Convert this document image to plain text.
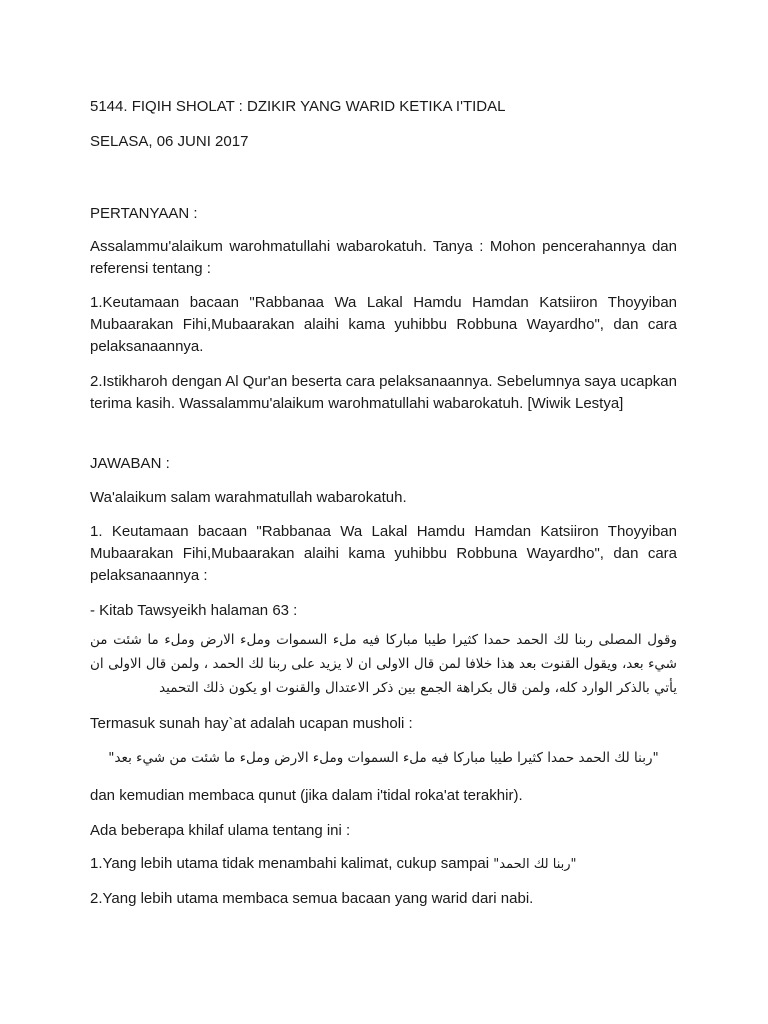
5144. FIQIH SHOLAT : DZIKIR YANG WARID KETIKA I'TIDAL

SELASA, 06 JUNI 2017

PERTANYAAN :

Assalammu'alaikum warohmatullahi wabarokatuh. Tanya : Mohon pencerahannya dan referensi tentang :

1.Keutamaan bacaan "Rabbanaa Wa Lakal Hamdu Hamdan Katsiiron Thoyyiban Mubaarakan Fihi,Mubaarakan alaihi kama yuhibbu Robbuna Wayardho", dan cara pelaksanaannya.

2.Istikharoh dengan Al Qur'an beserta cara pelaksanaannya. Sebelumnya saya ucapkan terima kasih. Wassalammu'alaikum warohmatullahi wabarokatuh. [Wiwik Lestya]

JAWABAN :

Wa'alaikum salam warahmatullah wabarokatuh.

1. Keutamaan bacaan "Rabbanaa Wa Lakal Hamdu Hamdan Katsiiron Thoyyiban Mubaarakan Fihi,Mubaarakan alaihi kama yuhibbu Robbuna Wayardho", dan cara pelaksanaannya :

- Kitab Tawsyeikh halaman 63 :

وقول المصلى ربنا لك الحمد حمدا كثيرا طيبا مباركا فيه ملء السموات وملء الارض وملء ما شئت من شيء بعد، ويقول القنوت بعد هذا خلافا لمن قال الاولى ان لا يزيد على ربنا لك الحمد ، ولمن قال الاولى ان يأتي بالذكر الوارد كله، ولمن قال بكراهة الجمع بين ذكر الاعتدال والقنوت او يكون ذلك التحميد

Termasuk sunah hay`at adalah ucapan musholi :

"ربنا لك الحمد حمدا كثيرا طيبا مباركا فيه ملء السموات وملء الارض وملء ما شئت من شيء بعد"

dan kemudian membaca qunut (jika dalam i'tidal roka'at terakhir).

Ada beberapa khilaf ulama tentang ini :

1.Yang lebih utama tidak menambahi kalimat, cukup sampai "ربنا لك الحمد"

2.Yang lebih utama membaca semua bacaan yang warid dari nabi.
